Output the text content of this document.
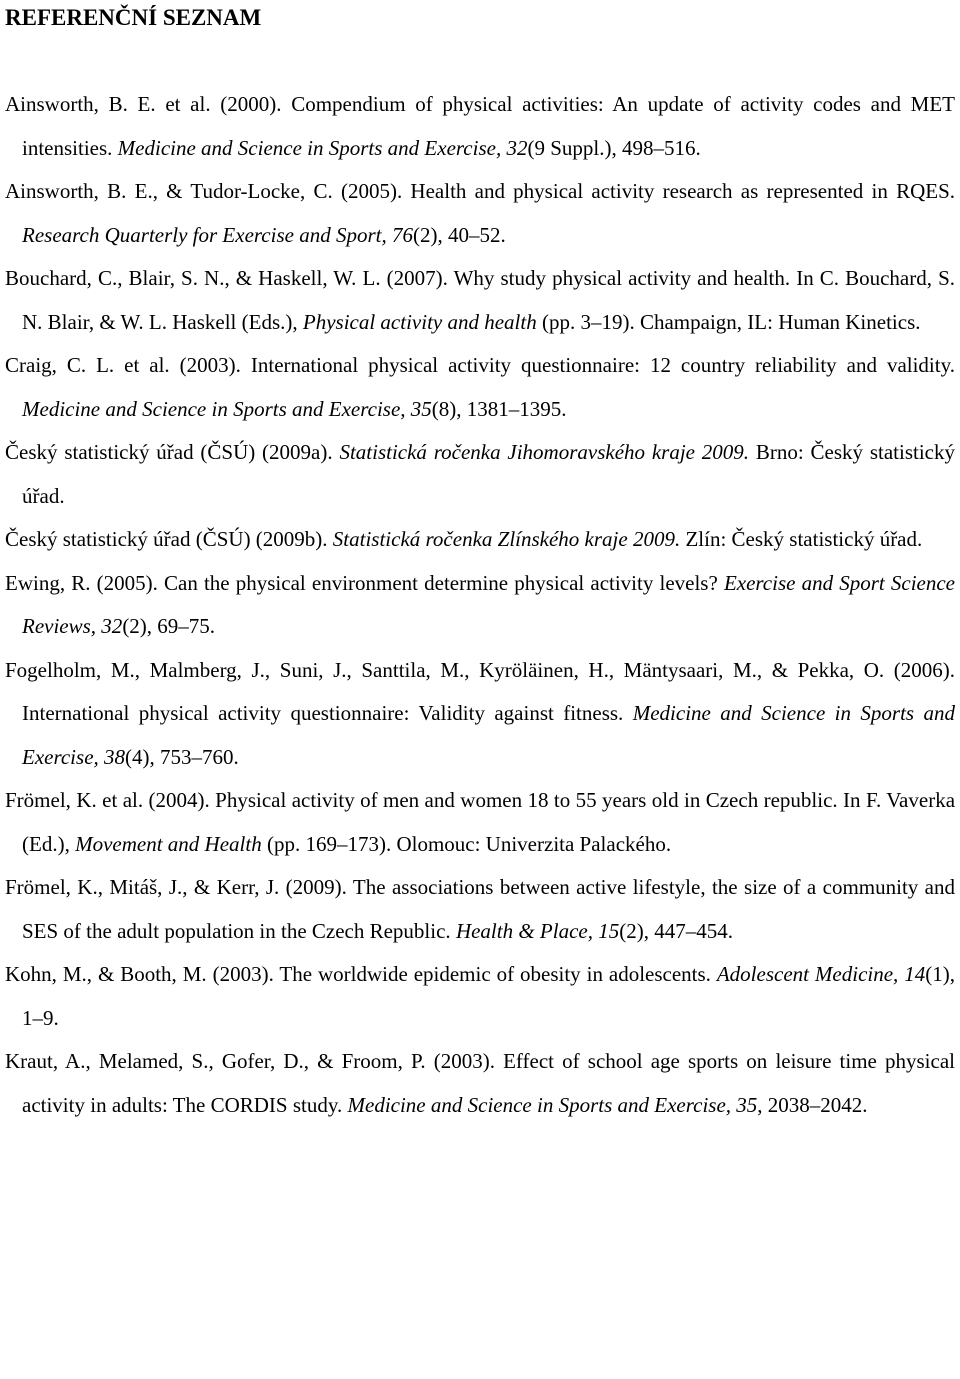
REFERENČNÍ SEZNAM
Ainsworth, B. E. et al. (2000). Compendium of physical activities: An update of activity codes and MET intensities. Medicine and Science in Sports and Exercise, 32(9 Suppl.), 498–516.
Ainsworth, B. E., & Tudor-Locke, C. (2005). Health and physical activity research as represented in RQES. Research Quarterly for Exercise and Sport, 76(2), 40–52.
Bouchard, C., Blair, S. N., & Haskell, W. L. (2007). Why study physical activity and health. In C. Bouchard, S. N. Blair, & W. L. Haskell (Eds.), Physical activity and health (pp. 3–19). Champaign, IL: Human Kinetics.
Craig, C. L. et al. (2003). International physical activity questionnaire: 12 country reliability and validity. Medicine and Science in Sports and Exercise, 35(8), 1381–1395.
Český statistický úřad (ČSÚ) (2009a). Statistická ročenka Jihomoravského kraje 2009. Brno: Český statistický úřad.
Český statistický úřad (ČSÚ) (2009b). Statistická ročenka Zlínského kraje 2009. Zlín: Český statistický úřad.
Ewing, R. (2005). Can the physical environment determine physical activity levels? Exercise and Sport Science Reviews, 32(2), 69–75.
Fogelholm, M., Malmberg, J., Suni, J., Santtila, M., Kyröläinen, H., Mäntysaari, M., & Pekka, O. (2006). International physical activity questionnaire: Validity against fitness. Medicine and Science in Sports and Exercise, 38(4), 753–760.
Frömel, K. et al. (2004). Physical activity of men and women 18 to 55 years old in Czech republic. In F. Vaverka (Ed.), Movement and Health (pp. 169–173). Olomouc: Univerzita Palackého.
Frömel, K., Mitáš, J., & Kerr, J. (2009). The associations between active lifestyle, the size of a community and SES of the adult population in the Czech Republic. Health & Place, 15(2), 447–454.
Kohn, M., & Booth, M. (2003). The worldwide epidemic of obesity in adolescents. Adolescent Medicine, 14(1), 1–9.
Kraut, A., Melamed, S., Gofer, D., & Froom, P. (2003). Effect of school age sports on leisure time physical activity in adults: The CORDIS study. Medicine and Science in Sports and Exercise, 35, 2038–2042.
